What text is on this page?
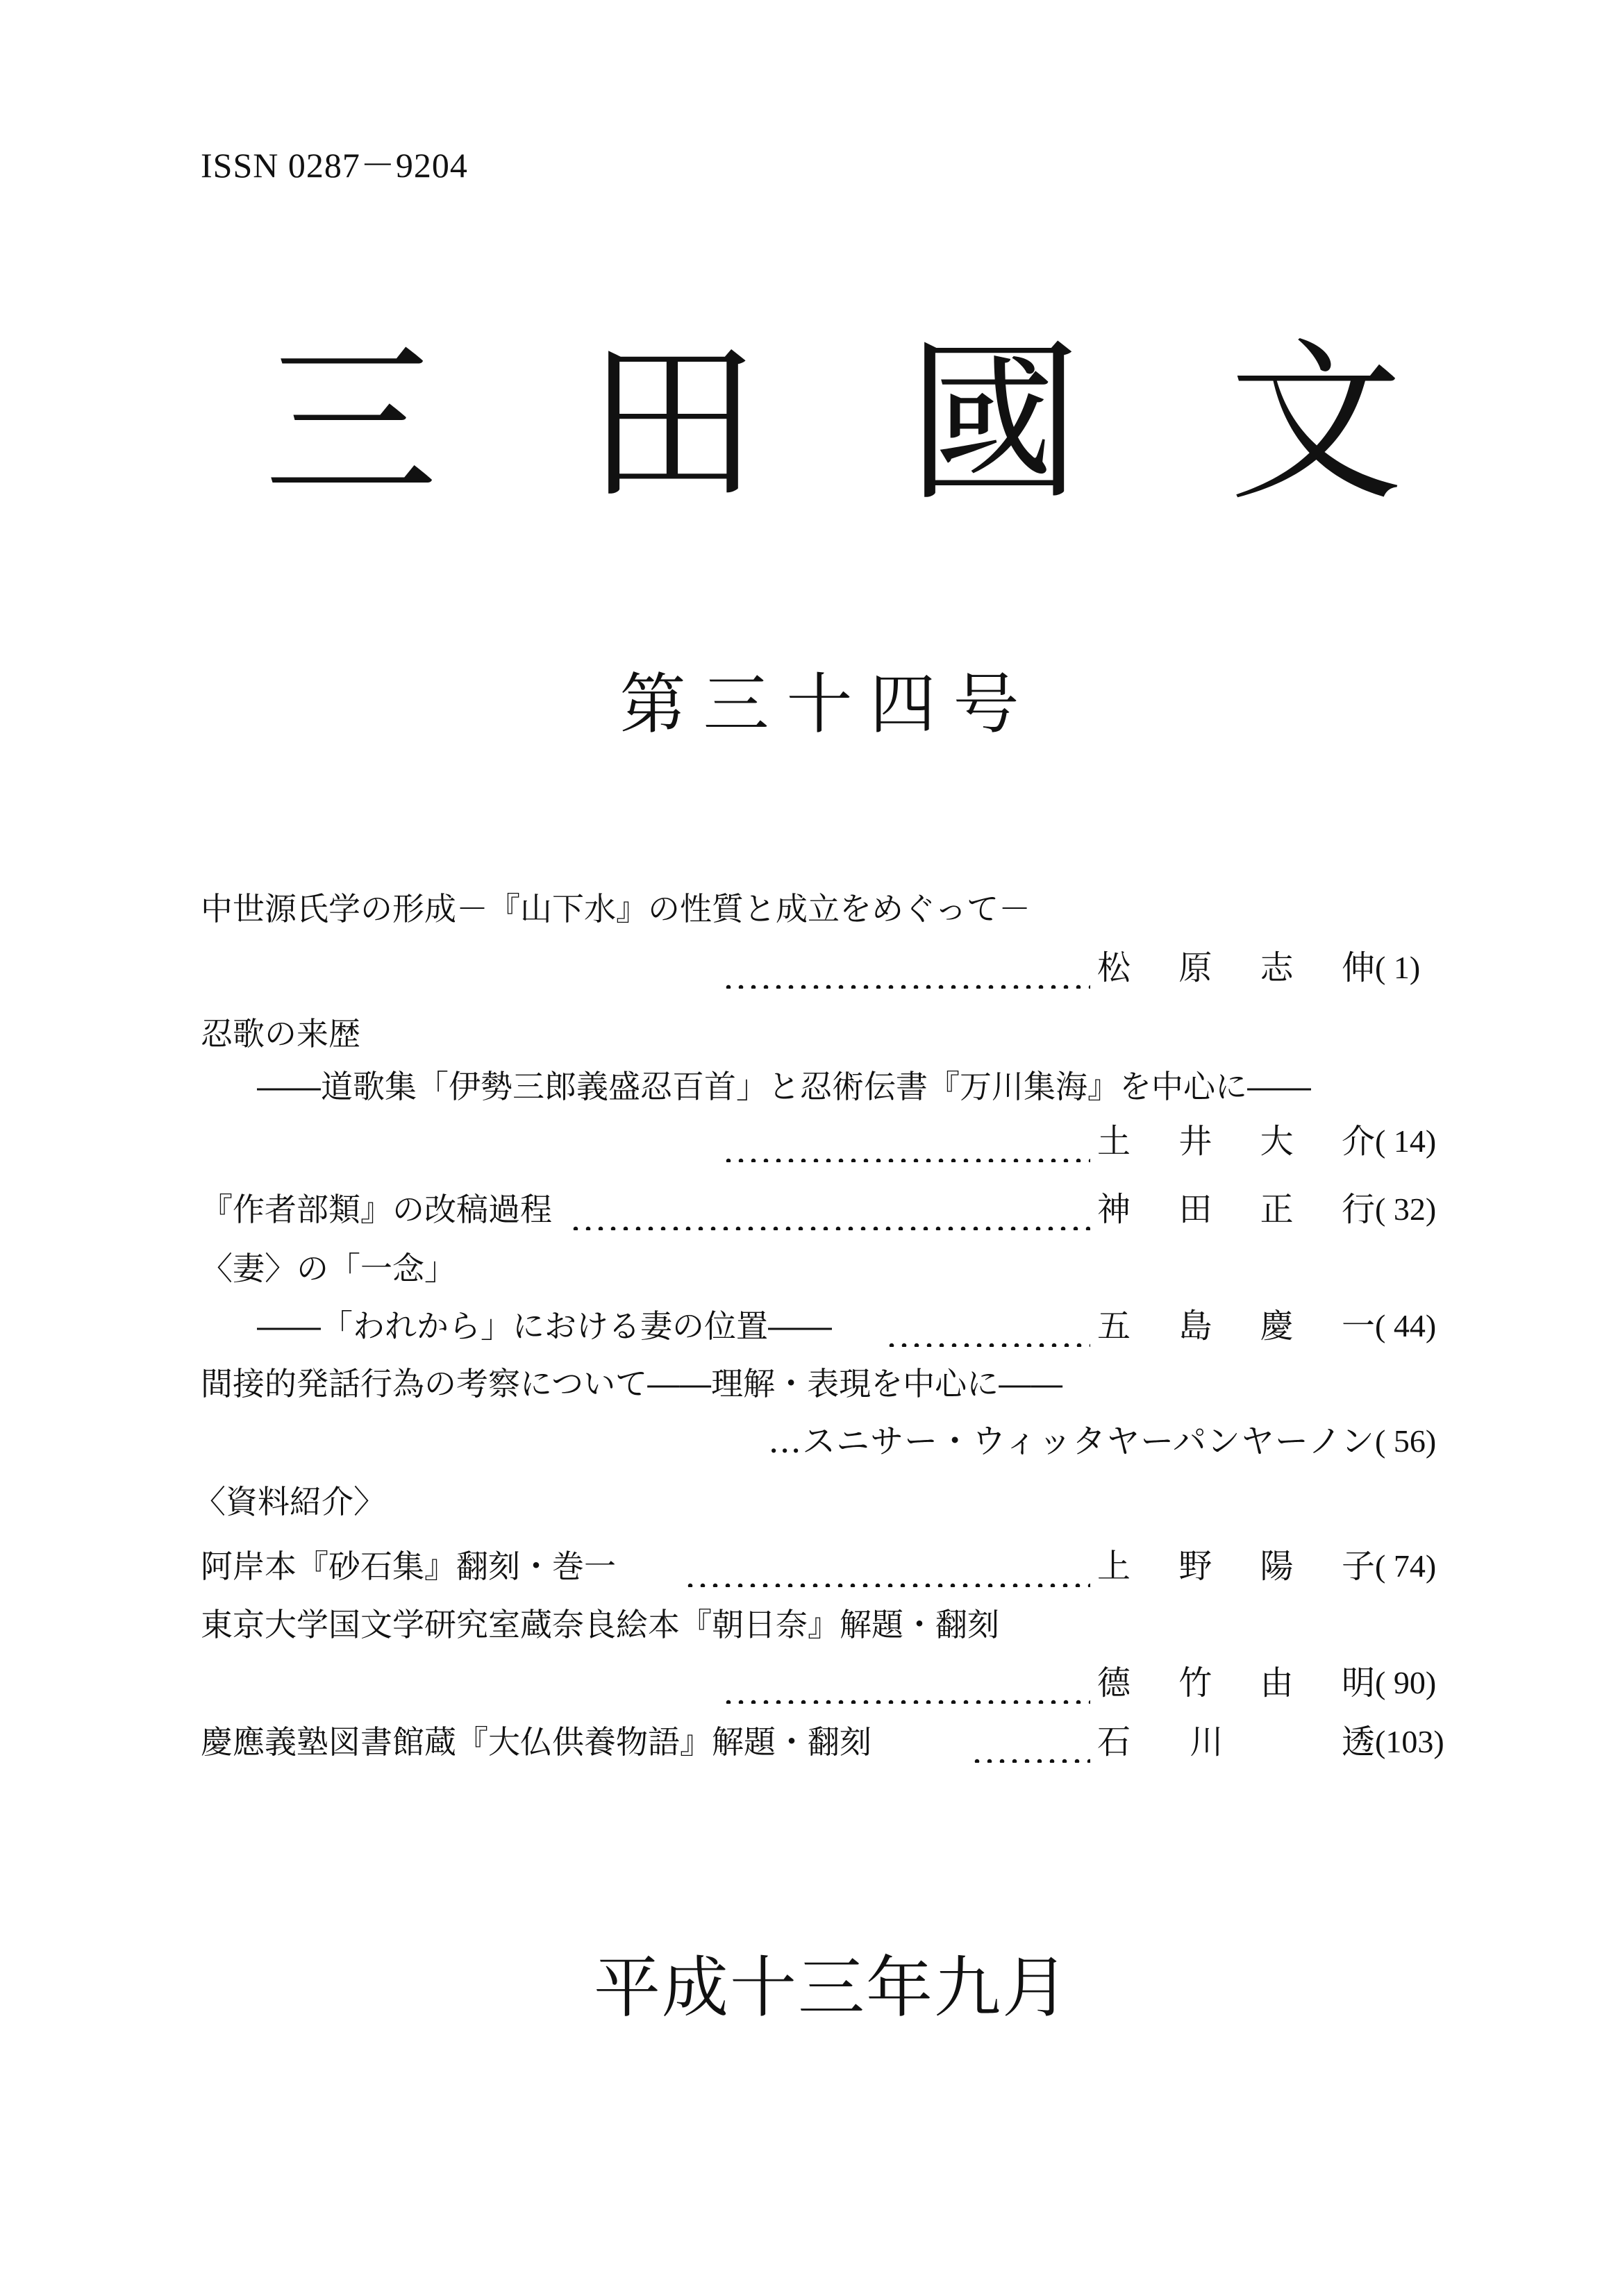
ISSN 0287－9204
三 田 國 文
第 三 十 四 号
中世源氏学の形成－『山下水』の性質と成立をめぐって－
松 原 志 伸 ( 1)
忍歌の来歴
――道歌集「伊勢三郎義盛忍百首」と忍術伝書『万川集海』を中心に――
土 井 大 介 ( 14)
『作者部類』の改稿過程	神 田 正 行 ( 32)
〈妻〉の「一念」
――「われから」における妻の位置――	五 島 慶 一 ( 44)
間接的発話行為の考察について――理解・表現を中心に――
…スニサー・ウィッタヤーパンヤーノン ( 56)
〈資料紹介〉
阿岸本『砂石集』翻刻・巻一	上 野 陽 子 ( 74)
東京大学国文学研究室蔵奈良絵本『朝日奈』解題・翻刻
德 竹 由 明 ( 90)
慶應義塾図書館蔵『大仏供養物語』解題・翻刻	石 川	透 (103)
平成十三年九月
